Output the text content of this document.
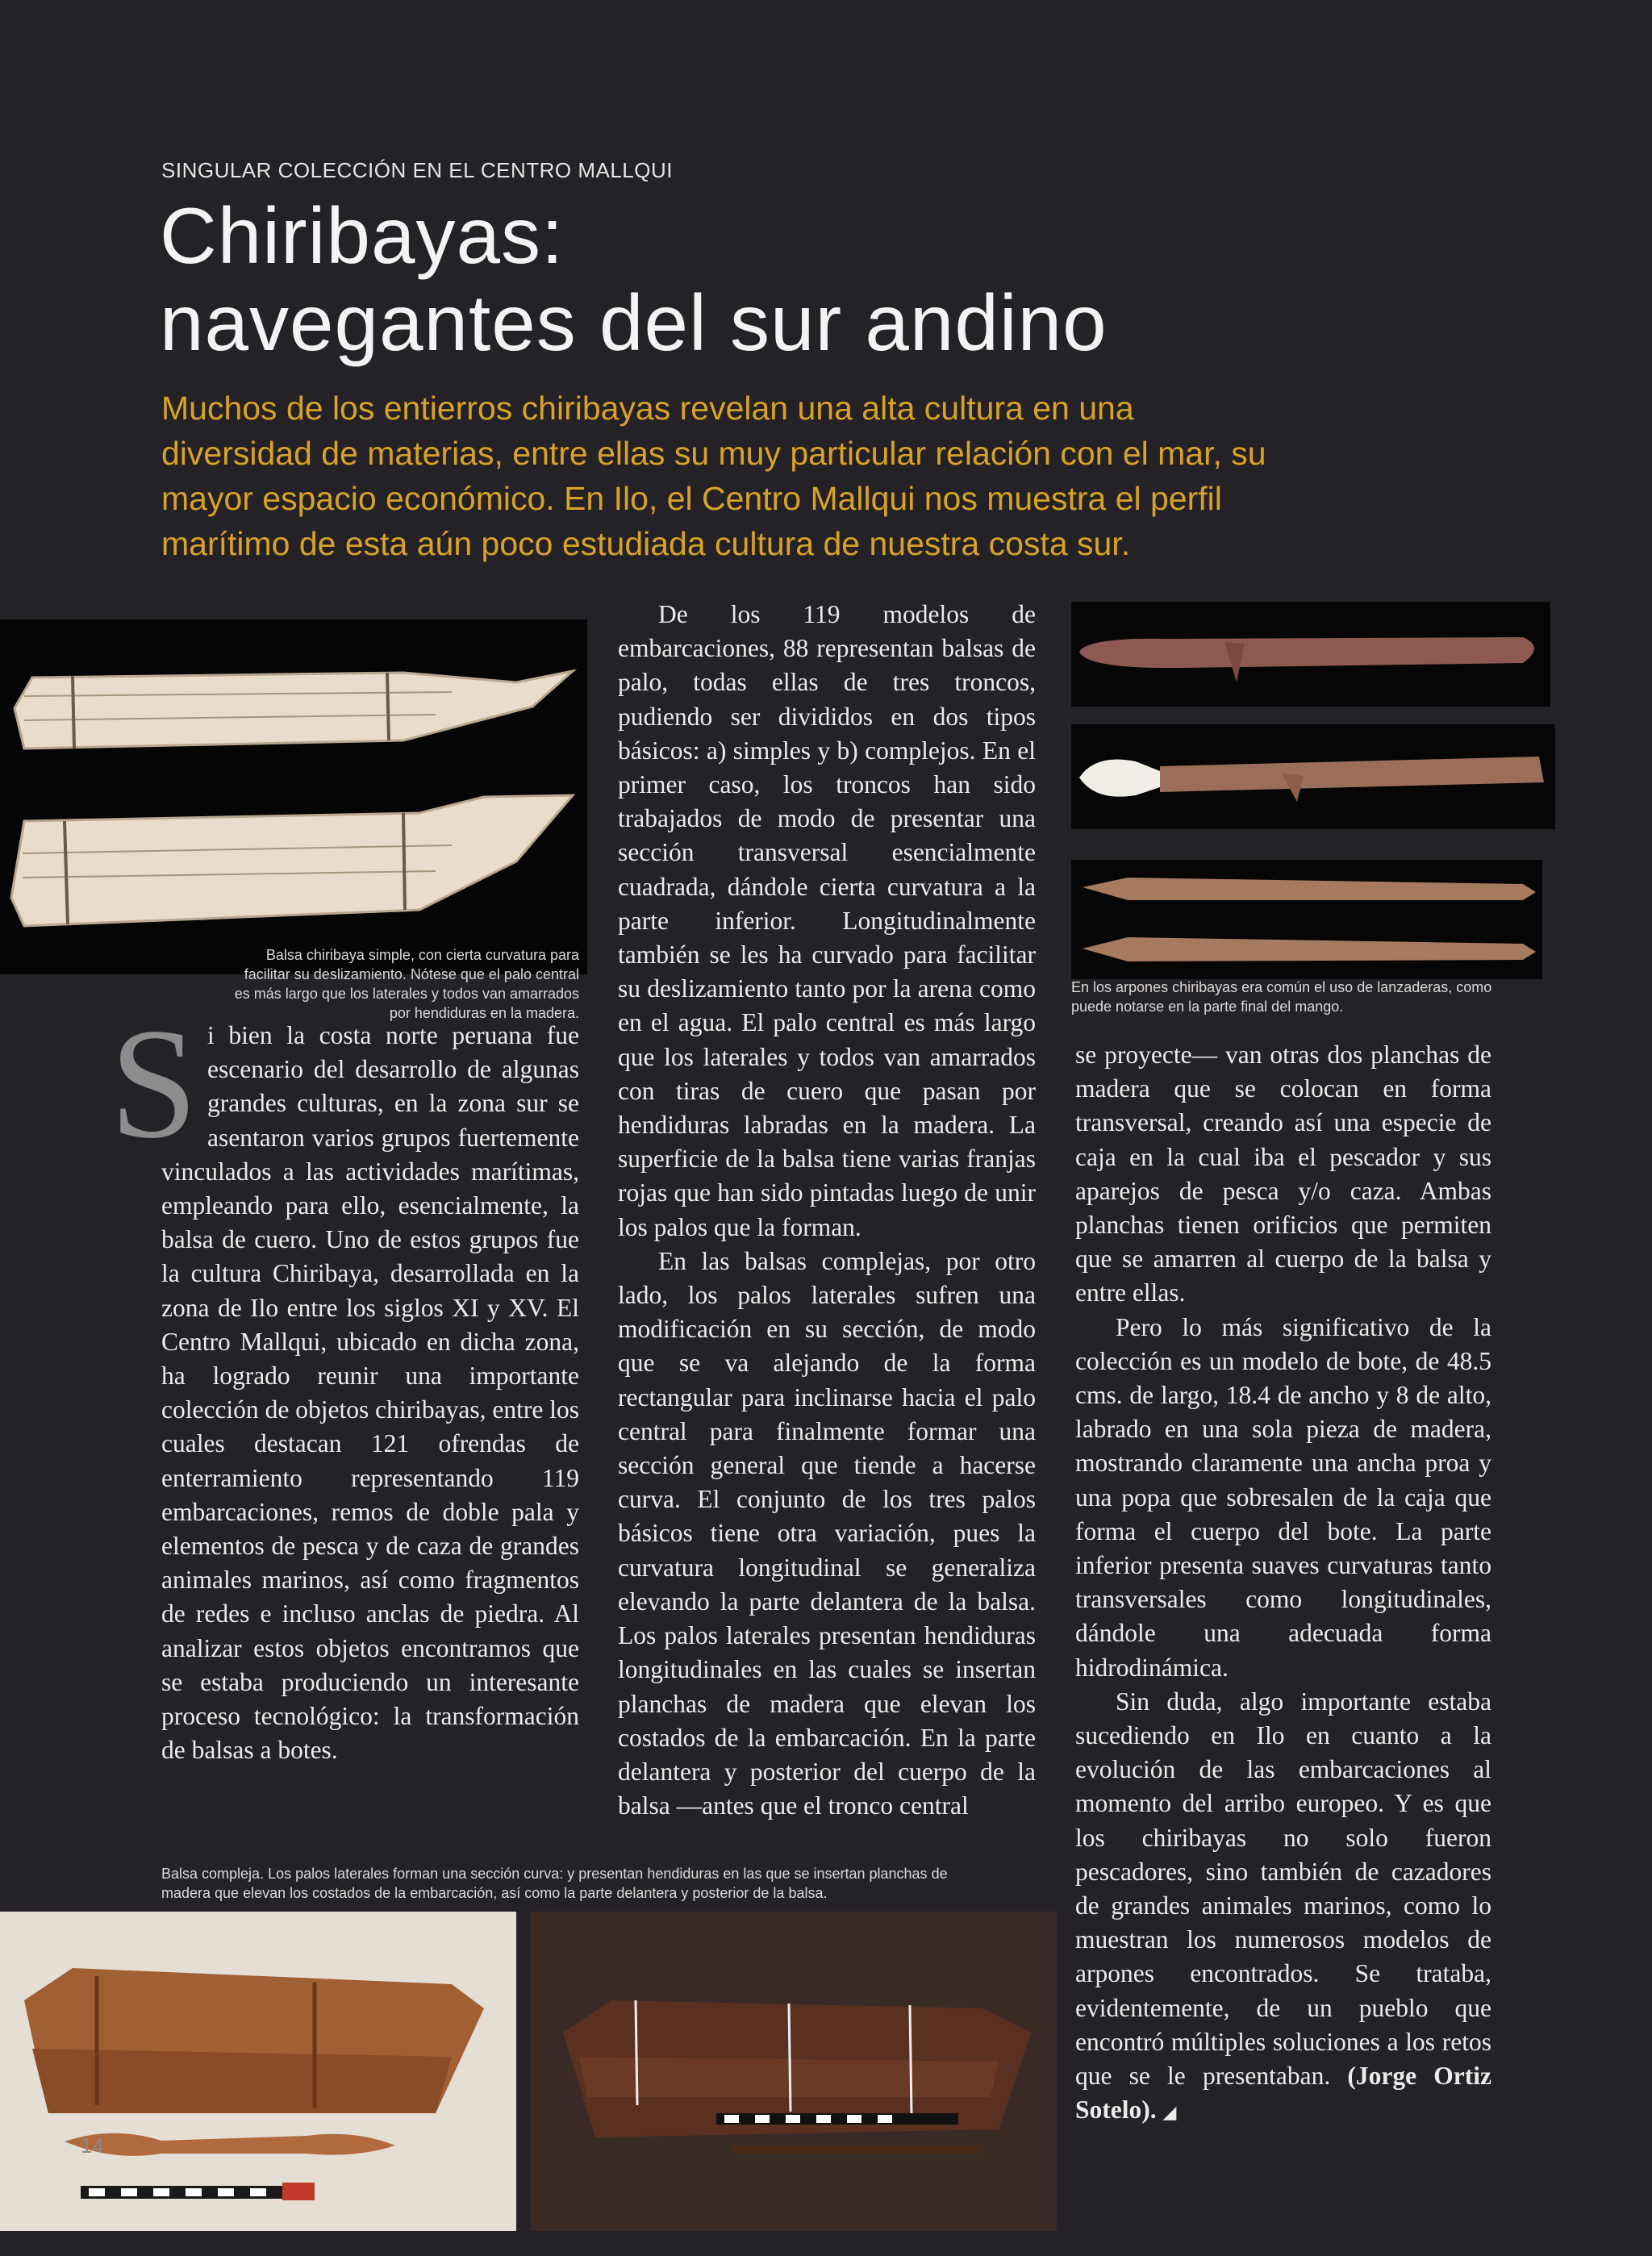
SINGULAR COLECCIÓN EN EL CENTRO MALLQUI
Chiribayas:
navegantes del sur andino
Muchos de los entierros chiribayas revelan una alta cultura en una diversidad de materias, entre ellas su muy particular relación con el mar, su mayor espacio económico. En Ilo, el Centro Mallqui nos muestra el perfil marítimo de esta aún poco estudiada cultura de nuestra costa sur.
Balsa chiribaya simple, con cierta curvatura para facilitar su deslizamiento. Nótese que el palo central es más largo que los laterales y todos van amarrados por hendiduras en la madera.
En los arpones chiribayas era común el uso de lanzaderas, como puede notarse en la parte final del mango.

Si bien la costa norte peruana fue escenario del desarrollo de algunas grandes culturas, en la zona sur se asentaron varios grupos fuertemente vinculados a las actividades marítimas, empleando para ello, esencialmente, la balsa de cuero. Uno de estos grupos fue la cultura Chiribaya, desarrollada en la zona de Ilo entre los siglos XI y XV. El Centro Mallqui, ubicado en dicha zona, ha logrado reunir una importante colección de objetos chiribayas, entre los cuales destacan 121 ofrendas de enterramiento representando 119 embarcaciones, remos de doble pala y elementos de pesca y de caza de grandes animales marinos, así como fragmentos de redes e incluso anclas de piedra. Al analizar estos objetos encontramos que se estaba produciendo un interesante proceso tecnológico: la transformación de balsas a botes.

De los 119 modelos de embarcaciones, 88 representan balsas de palo, todas ellas de tres troncos, pudiendo ser divididos en dos tipos básicos: a) simples y b) complejos. En el primer caso, los troncos han sido trabajados de modo de presentar una sección transversal esencialmente cuadrada, dándole cierta curvatura a la parte inferior. Longitudinalmente también se les ha curvado para facilitar su deslizamiento tanto por la arena como en el agua. El palo central es más largo que los laterales y todos van amarrados con tiras de cuero que pasan por hendiduras labradas en la madera. La superficie de la balsa tiene varias franjas rojas que han sido pintadas luego de unir los palos que la forman.

En las balsas complejas, por otro lado, los palos laterales sufren una modificación en su sección, de modo que se va alejando de la forma rectangular para inclinarse hacia el palo central para finalmente formar una sección general que tiende a hacerse curva. El conjunto de los tres palos básicos tiene otra variación, pues la curvatura longitudinal se generaliza elevando la parte delantera de la balsa. Los palos laterales presentan hendiduras longitudinales en las cuales se insertan planchas de madera que elevan los costados de la embarcación. En la parte delantera y posterior del cuerpo de la balsa —antes que el tronco central

se proyecte— van otras dos planchas de madera que se colocan en forma transversal, creando así una especie de caja en la cual iba el pescador y sus aparejos de pesca y/o caza. Ambas planchas tienen orificios que permiten que se amarren al cuerpo de la balsa y entre ellas.

Pero lo más significativo de la colección es un modelo de bote, de 48.5 cms. de largo, 18.4 de ancho y 8 de alto, labrado en una sola pieza de madera, mostrando claramente una ancha proa y una popa que sobresalen de la caja que forma el cuerpo del bote. La parte inferior presenta suaves curvaturas tanto transversales como longitudinales, dándole una adecuada forma hidrodinámica.

Sin duda, algo importante estaba sucediendo en Ilo en cuanto a la evolución de las embarcaciones al momento del arribo europeo. Y es que los chiribayas no solo fueron pescadores, sino también de cazadores de grandes animales marinos, como lo muestran los numerosos modelos de arpones encontrados. Se trataba, evidentemente, de un pueblo que encontró múltiples soluciones a los retos que se le presentaban. (Jorge Ortiz Sotelo). ◢

Balsa compleja. Los palos laterales forman una sección curva: y presentan hendiduras en las que se insertan planchas de madera que elevan los costados de la embarcación, así como la parte delantera y posterior de la balsa.
14
